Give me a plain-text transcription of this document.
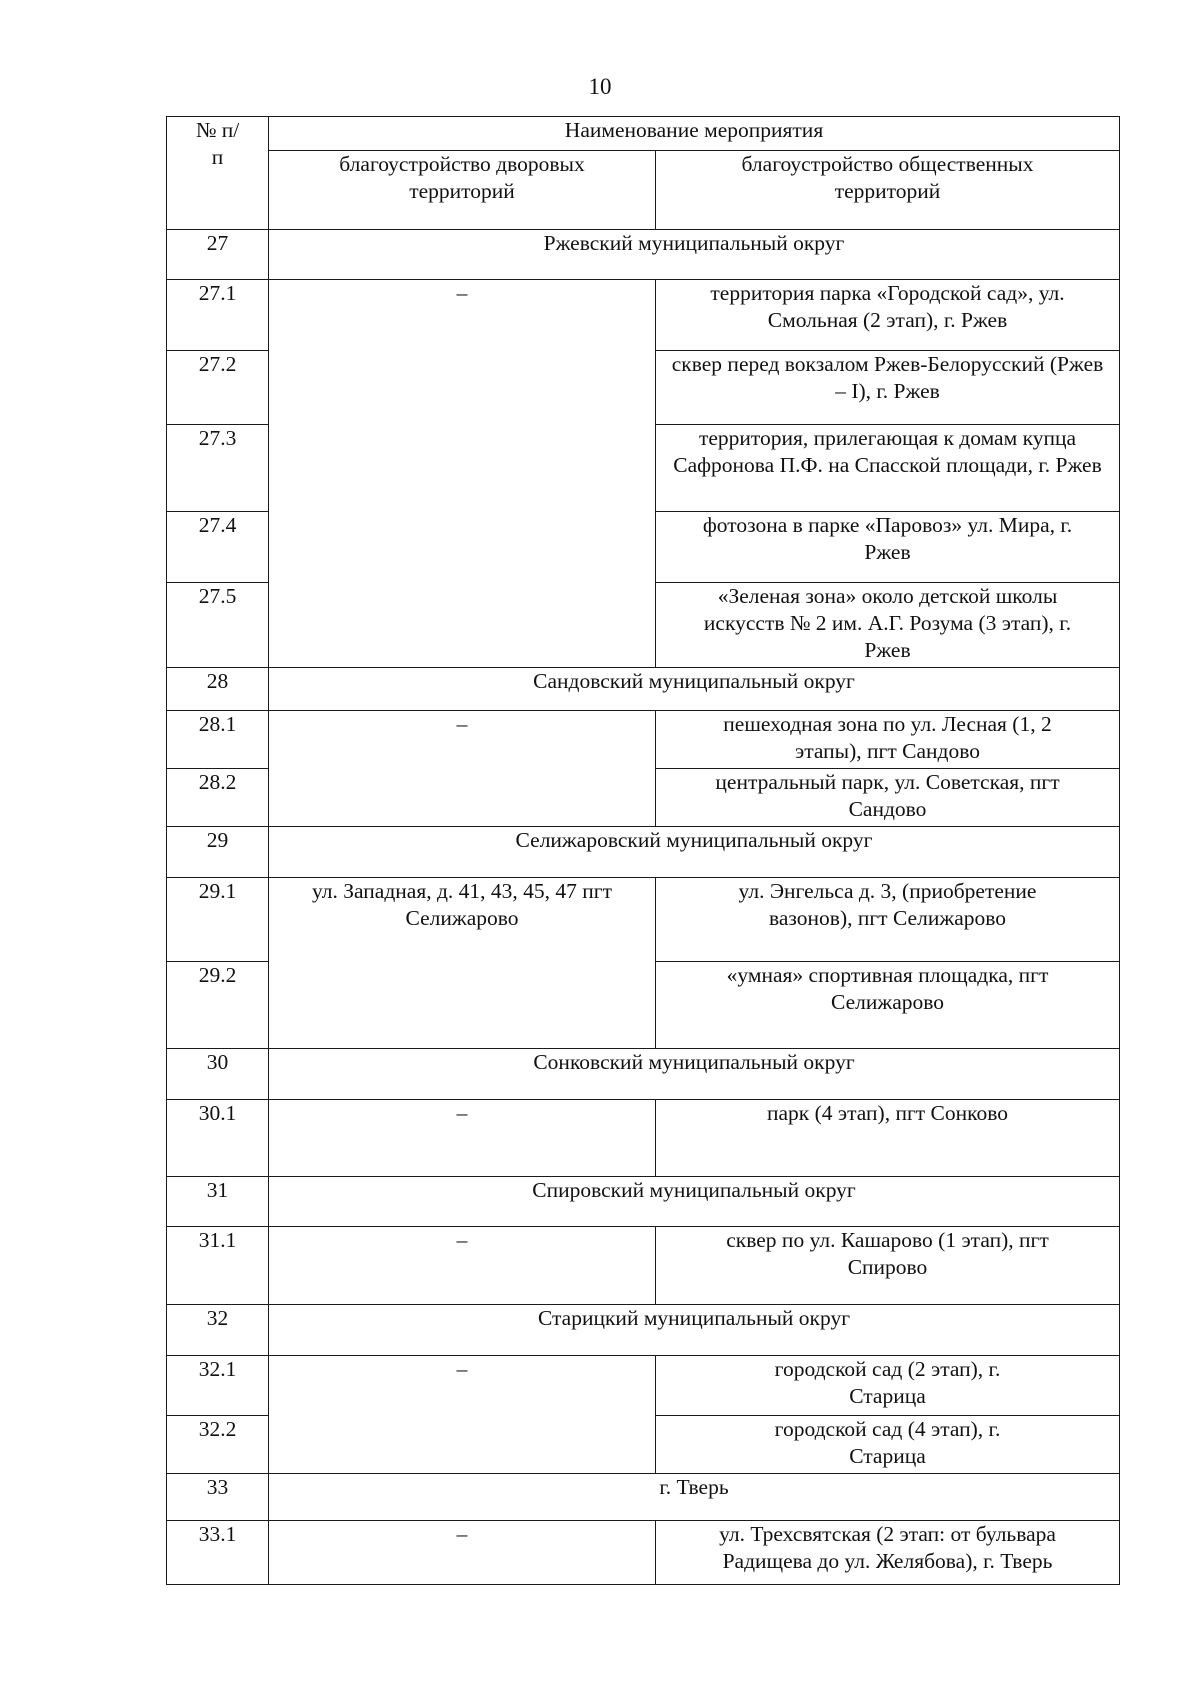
10
№ п/п	Наименование мероприятия	
	благоустройство дворовых территорий	благоустройство общественных территорий
27	Ржевский муниципальный округ	
27.1	–	территория парка «Городской сад», ул. Смольная (2 этап), г. Ржев
27.2		сквер перед вокзалом Ржев-Белорусский (Ржев – I), г. Ржев
27.3		территория, прилегающая к домам купца Сафронова П.Ф. на Спасской площади, г. Ржев
27.4		фотозона в парке «Паровоз» ул. Мира, г. Ржев
27.5		«Зеленая зона» около детской школы искусств № 2 им. А.Г. Розума (3 этап), г. Ржев
28	Сандовский муниципальный округ	
28.1	–	пешеходная зона по ул. Лесная (1, 2 этапы), пгт Сандово
28.2		центральный парк, ул. Советская, пгт Сандово
29	Селижаровский муниципальный округ	
29.1	ул. Западная, д. 41, 43, 45, 47 пгт Селижарово	ул. Энгельса д. 3, (приобретение вазонов), пгт Селижарово
29.2		«умная» спортивная площадка, пгт Селижарово
30	Сонковский муниципальный округ	
30.1	–	парк (4 этап), пгт Сонково
31	Спировский муниципальный округ	
31.1	–	сквер по ул. Кашарово (1 этап), пгт Спирово
32	Старицкий муниципальный округ	
32.1	–	городской сад (2 этап), г. Старица
32.2		городской сад (4 этап), г. Старица
33	г. Тверь	
33.1	–	ул. Трехсвятская (2 этап: от бульвара Радищева до ул. Желябова), г. Тверь
